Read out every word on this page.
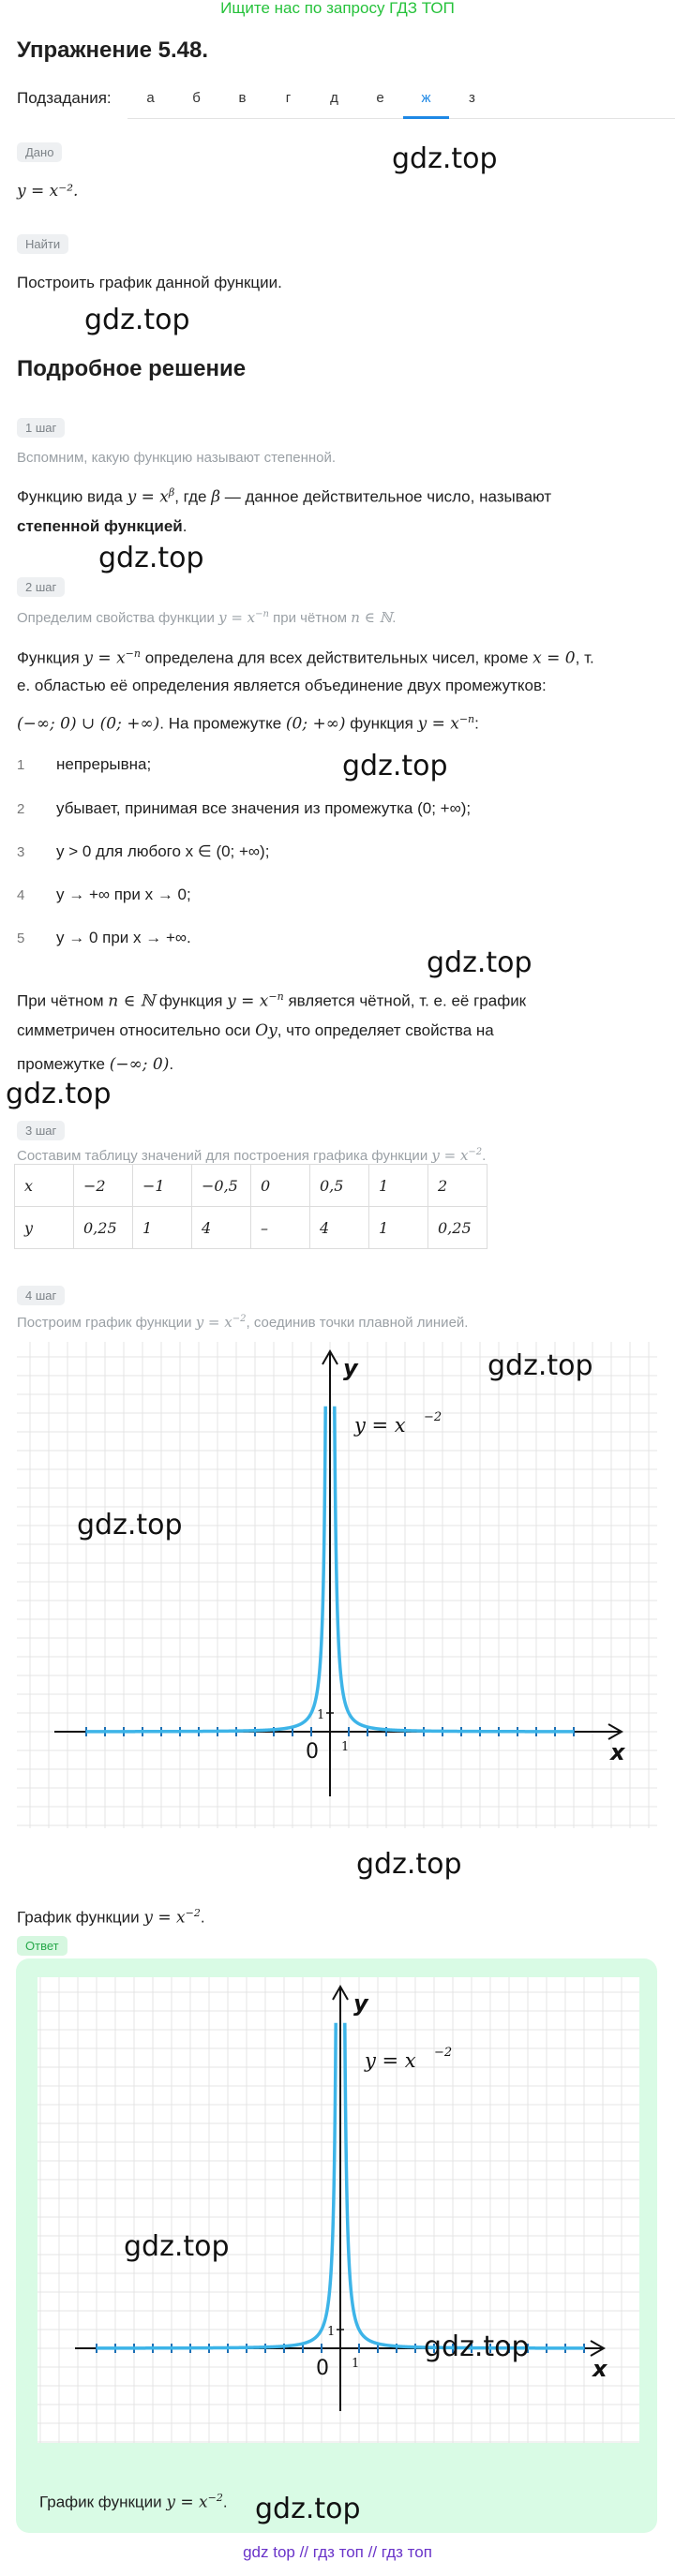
Ищите нас по запросу ГДЗ ТОП
Упражнение 5.48.
Подзадания:	а	б	в	г	д	е	ж	з
Дано
y = x⁻².
gdz.top
Найти
Построить график данной функции.
gdz.top
Подробное решение
1 шаг
Вспомним, какую функцию называют степенной.
Функцию вида $y = x^\beta$, где β — данное действительное число, называют
степенной функцией.
gdz.top
2 шаг
Определим свойства функции $y = x^{-n}$ при чётном n ∈ ℕ.
Функция $y = x^{-n}$ определена для всех действительных чисел, кроме x = 0, т.
е. областью её определения является объединение двух промежутков:
(−∞; 0) ∪ (0; +∞). На промежутке (0; +∞) функция $y = x^{-n}$:
1 непрерывна;	gdz.top
2 убывает, принимая все значения из промежутка (0; +∞);
3 y > 0 для любого x ∈ (0; +∞);
4 y → +∞ при x → 0;
5 y → 0 при x → +∞.
gdz.top
При чётном n ∈ ℕ функция $y = x^{-n}$ является чётной, т. е. её график
симметричен относительно оси Oy, что определяет свойства на
промежутке (−∞; 0).
gdz.top
3 шаг
Составим таблицу значений для построения графика функции $y = x^{-2}$.
x	−2	−1	−0,5	0	0,5	1	2
y	0,25	1	4	–	4	1	0,25
4 шаг
Построим график функции $y = x^{-2}$, соединив точки плавной линией.
y
x
0 1
1
y = x −2
gdz.top
gdz.top
gdz.top
График функции $y = x^{-2}$.
Ответ
y
x
0 1
1
y = x −2
gdz.top
gdz.top
График функции $y = x^{-2}$. gdz.top
gdz top // гдз топ // гдз топ
